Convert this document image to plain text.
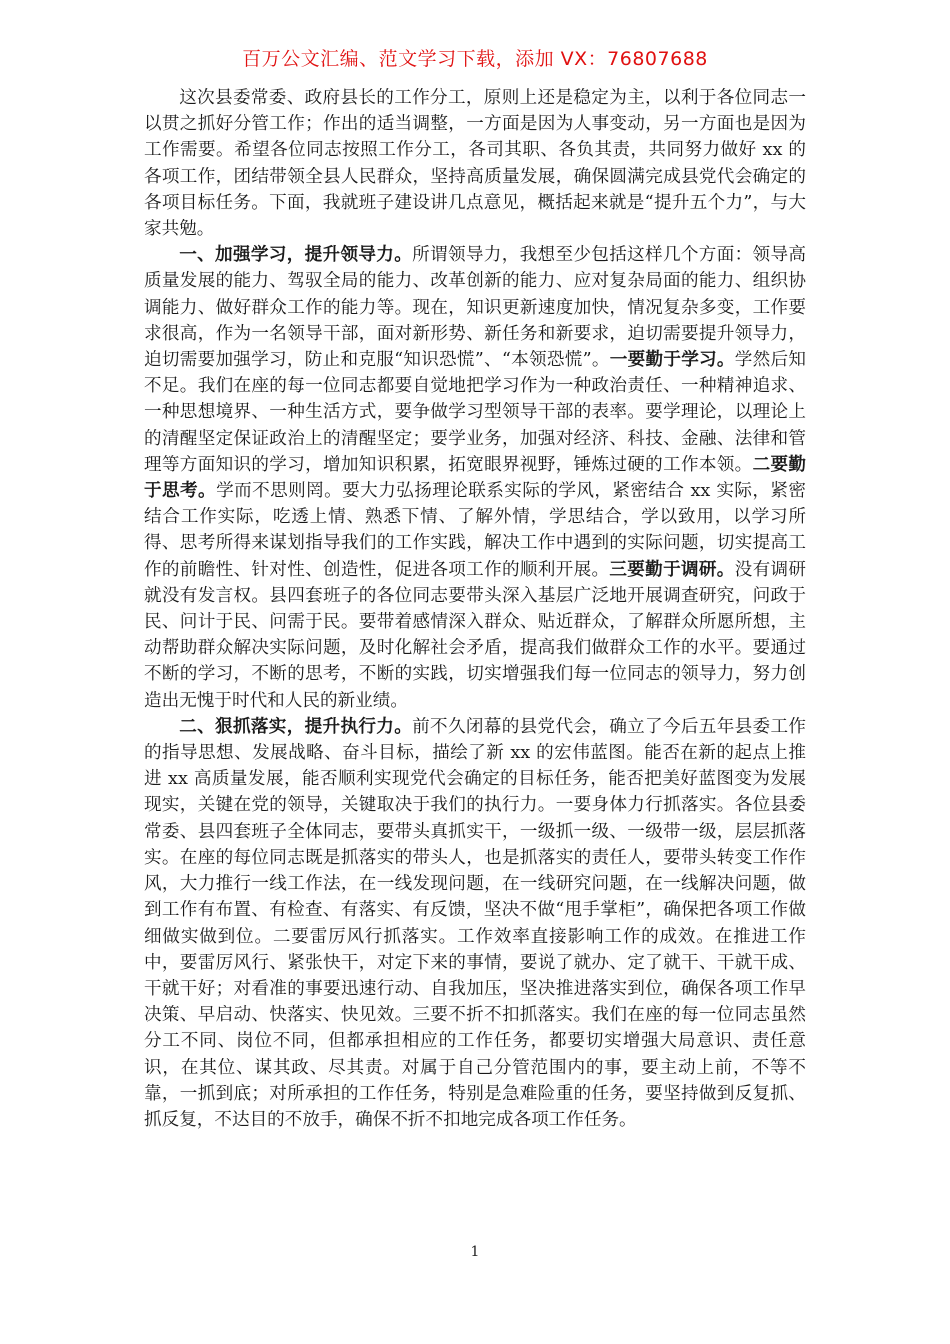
百万公文汇编、范文学习下载，添加 VX：76807688

这次县委常委、政府县长的工作分工，原则上还是稳定为主，以利于各位同志一以贯之抓好分管工作；作出的适当调整，一方面是因为人事变动，另一方面也是因为工作需要。希望各位同志按照工作分工，各司其职、各负其责，共同努力做好 xx 的各项工作，团结带领全县人民群众，坚持高质量发展，确保圆满完成县党代会确定的各项目标任务。下面，我就班子建设讲几点意见，概括起来就是“提升五个力”，与大家共勉。

一、加强学习，提升领导力。所谓领导力，我想至少包括这样几个方面：领导高质量发展的能力、驾驭全局的能力、改革创新的能力、应对复杂局面的能力、组织协调能力、做好群众工作的能力等。现在，知识更新速度加快，情况复杂多变，工作要求很高，作为一名领导干部，面对新形势、新任务和新要求，迫切需要提升领导力，迫切需要加强学习，防止和克服“知识恐慌”、“本领恐慌”。一要勤于学习。学然后知不足。我们在座的每一位同志都要自觉地把学习作为一种政治责任、一种精神追求、一种思想境界、一种生活方式，要争做学习型领导干部的表率。要学理论，以理论上的清醒坚定保证政治上的清醒坚定；要学业务，加强对经济、科技、金融、法律和管理等方面知识的学习，增加知识积累，拓宽眼界视野，锤炼过硬的工作本领。二要勤于思考。学而不思则罔。要大力弘扬理论联系实际的学风，紧密结合 xx 实际，紧密结合工作实际，吃透上情、熟悉下情、了解外情，学思结合，学以致用，以学习所得、思考所得来谋划指导我们的工作实践，解决工作中遇到的实际问题，切实提高工作的前瞻性、针对性、创造性，促进各项工作的顺利开展。三要勤于调研。没有调研就没有发言权。县四套班子的各位同志要带头深入基层广泛地开展调查研究，问政于民、问计于民、问需于民。要带着感情深入群众、贴近群众，了解群众所愿所想，主动帮助群众解决实际问题，及时化解社会矛盾，提高我们做群众工作的水平。要通过不断的学习，不断的思考，不断的实践，切实增强我们每一位同志的领导力，努力创造出无愧于时代和人民的新业绩。

二、狠抓落实，提升执行力。前不久闭幕的县党代会，确立了今后五年县委工作的指导思想、发展战略、奋斗目标，描绘了新 xx 的宏伟蓝图。能否在新的起点上推进 xx 高质量发展，能否顺利实现党代会确定的目标任务，能否把美好蓝图变为发展现实，关键在党的领导，关键取决于我们的执行力。一要身体力行抓落实。各位县委常委、县四套班子全体同志，要带头真抓实干，一级抓一级、一级带一级，层层抓落实。在座的每位同志既是抓落实的带头人，也是抓落实的责任人，要带头转变工作作风，大力推行一线工作法，在一线发现问题，在一线研究问题，在一线解决问题，做到工作有布置、有检查、有落实、有反馈，坚决不做“甩手掌柜”，确保把各项工作做细做实做到位。二要雷厉风行抓落实。工作效率直接影响工作的成效。在推进工作中，要雷厉风行、紧张快干，对定下来的事情，要说了就办、定了就干、干就干成、干就干好；对看准的事要迅速行动、自我加压，坚决推进落实到位，确保各项工作早决策、早启动、快落实、快见效。三要不折不扣抓落实。我们在座的每一位同志虽然分工不同、岗位不同，但都承担相应的工作任务，都要切实增强大局意识、责任意识，在其位、谋其政、尽其责。对属于自己分管范围内的事，要主动上前，不等不靠，一抓到底；对所承担的工作任务，特别是急难险重的任务，要坚持做到反复抓、抓反复，不达目的不放手，确保不折不扣地完成各项工作任务。

1
